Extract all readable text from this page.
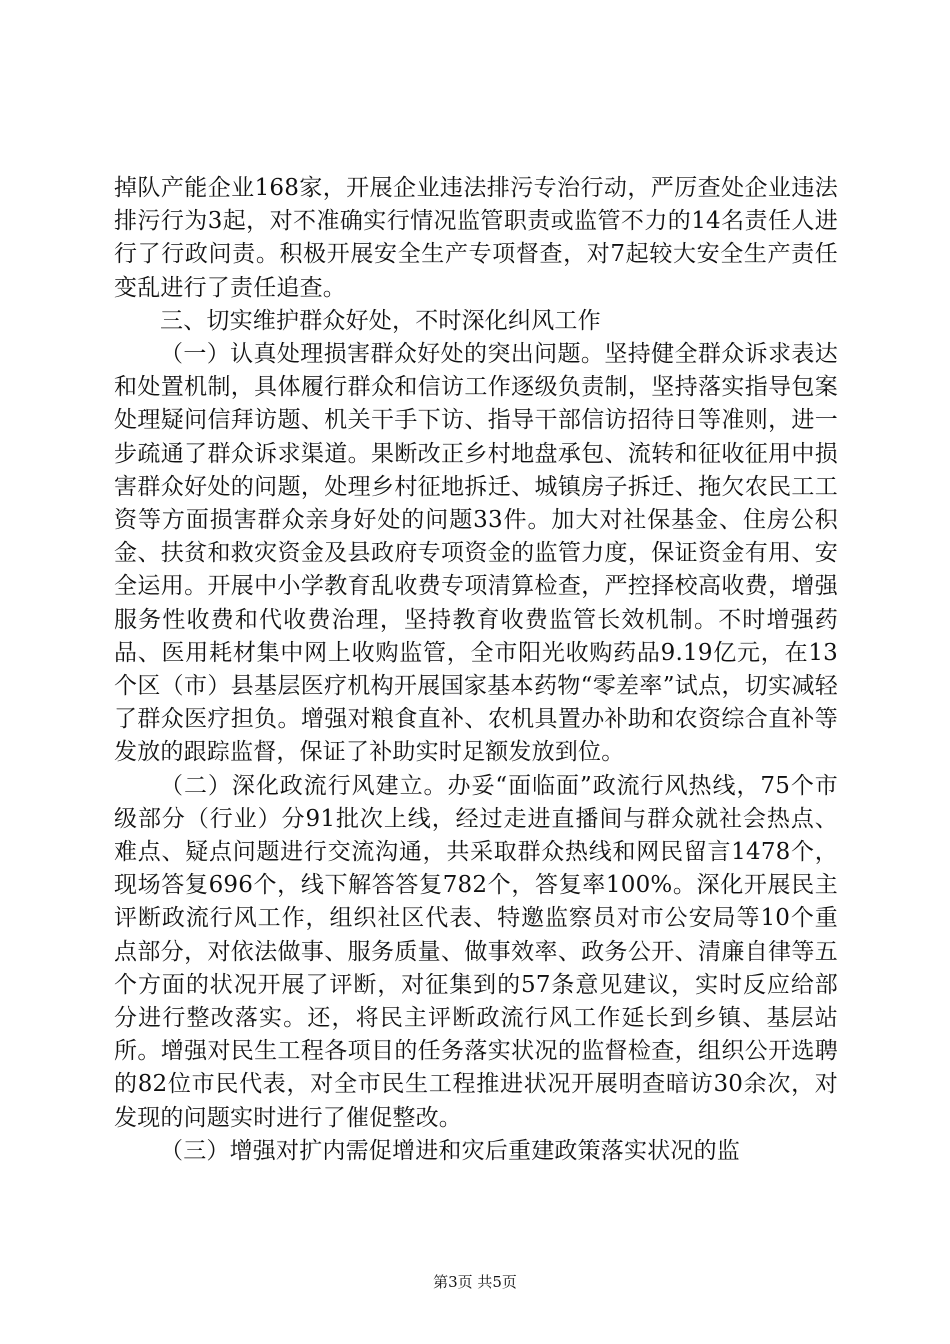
掉队产能企业168家，开展企业违法排污专治行动，严厉查处企业违法排污行为3起，对不准确实行情况监管职责或监管不力的14名责任人进行了行政问责。积极开展安全生产专项督查，对7起较大安全生产责任变乱进行了责任追查。

三、切实维护群众好处，不时深化纠风工作

（一）认真处理损害群众好处的突出问题。坚持健全群众诉求表达和处置机制，具体履行群众和信访工作逐级负责制，坚持落实指导包案处理疑问信拜访题、机关干手下访、指导干部信访招待日等准则，进一步疏通了群众诉求渠道。果断改正乡村地盘承包、流转和征收征用中损害群众好处的问题，处理乡村征地拆迁、城镇房子拆迁、拖欠农民工工资等方面损害群众亲身好处的问题33件。加大对社保基金、住房公积金、扶贫和救灾资金及县政府专项资金的监管力度，保证资金有用、安全运用。开展中小学教育乱收费专项清算检查，严控择校高收费，增强服务性收费和代收费治理，坚持教育收费监管长效机制。不时增强药品、医用耗材集中网上收购监管，全市阳光收购药品9.19亿元，在13个区（市）县基层医疗机构开展国家基本药物“零差率”试点，切实减轻了群众医疗担负。增强对粮食直补、农机具置办补助和农资综合直补等发放的跟踪监督，保证了补助实时足额发放到位。

（二）深化政流行风建立。办妥“面临面”政流行风热线，75个市级部分（行业）分91批次上线，经过走进直播间与群众就社会热点、难点、疑点问题进行交流沟通，共采取群众热线和网民留言1478个，现场答复696个，线下解答答复782个，答复率100%。深化开展民主评断政流行风工作，组织社区代表、特邀监察员对市公安局等10个重点部分，对依法做事、服务质量、做事效率、政务公开、清廉自律等五个方面的状况开展了评断，对征集到的57条意见建议，实时反应给部分进行整改落实。还，将民主评断政流行风工作延长到乡镇、基层站所。增强对民生工程各项目的任务落实状况的监督检查，组织公开选聘的82位市民代表，对全市民生工程推进状况开展明查暗访30余次，对发现的问题实时进行了催促整改。

（三）增强对扩内需促增进和灾后重建政策落实状况的监

第3页 共5页
